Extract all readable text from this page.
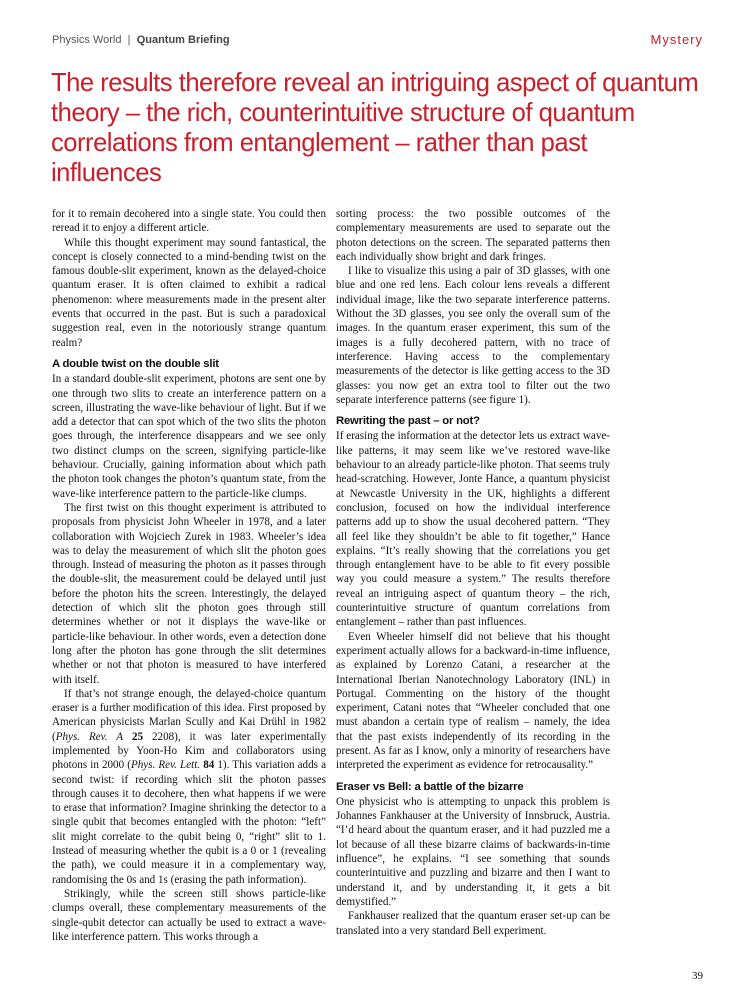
Physics World | Quantum Briefing	Mystery
The results therefore reveal an intriguing aspect of quantum theory – the rich, counterintuitive structure of quantum correlations from entanglement – rather than past influences

for it to remain decohered into a single state. You could then reread it to enjoy a different article.

While this thought experiment may sound fantastical, the concept is closely connected to a mind-bending twist on the famous double-slit experiment, known as the delayed-choice quantum eraser. It is often claimed to exhibit a radical phenomenon: where measurements made in the present alter events that occurred in the past. But is such a paradoxical suggestion real, even in the notoriously strange quantum realm?

A double twist on the double slit

In a standard double-slit experiment, photons are sent one by one through two slits to create an interference pattern on a screen, illustrating the wave-like behaviour of light. But if we add a detector that can spot which of the two slits the photon goes through, the interference disappears and we see only two distinct clumps on the screen, signifying particle-like behaviour. Crucially, gaining information about which path the photon took changes the photon’s quantum state, from the wave-like interference pattern to the particle-like clumps.

The first twist on this thought experiment is attributed to proposals from physicist John Wheeler in 1978, and a later collaboration with Wojciech Zurek in 1983. Wheeler’s idea was to delay the measurement of which slit the photon goes through. Instead of measuring the photon as it passes through the double-slit, the measurement could be delayed until just before the photon hits the screen. Interestingly, the delayed detection of which slit the photon goes through still determines whether or not it displays the wave-like or particle-like behaviour. In other words, even a detection done long after the photon has gone through the slit determines whether or not that photon is measured to have interfered with itself.

If that’s not strange enough, the delayed-choice quantum eraser is a further modification of this idea. First proposed by American physicists Marlan Scully and Kai Drühl in 1982 (Phys. Rev. A 25 2208), it was later experimentally implemented by Yoon-Ho Kim and collaborators using photons in 2000 (Phys. Rev. Lett. 84 1). This variation adds a second twist: if recording which slit the photon passes through causes it to decohere, then what happens if we were to erase that information? Imagine shrinking the detector to a single qubit that becomes entangled with the photon: “left” slit might correlate to the qubit being 0, “right” slit to 1. Instead of measuring whether the qubit is a 0 or 1 (revealing the path), we could measure it in a complementary way, randomising the 0s and 1s (erasing the path information).

Strikingly, while the screen still shows particle-like clumps overall, these complementary measurements of the single-qubit detector can actually be used to extract a wave-like interference pattern. This works through a

sorting process: the two possible outcomes of the complementary measurements are used to separate out the photon detections on the screen. The separated patterns then each individually show bright and dark fringes.

I like to visualize this using a pair of 3D glasses, with one blue and one red lens. Each colour lens reveals a different individual image, like the two separate interference patterns. Without the 3D glasses, you see only the overall sum of the images. In the quantum eraser experiment, this sum of the images is a fully decohered pattern, with no trace of interference. Having access to the complementary measurements of the detector is like getting access to the 3D glasses: you now get an extra tool to filter out the two separate interference patterns (see figure 1).

Rewriting the past – or not?

If erasing the information at the detector lets us extract wave-like patterns, it may seem like we’ve restored wave-like behaviour to an already particle-like photon. That seems truly head-scratching. However, Jonte Hance, a quantum physicist at Newcastle University in the UK, highlights a different conclusion, focused on how the individual interference patterns add up to show the usual decohered pattern. “They all feel like they shouldn’t be able to fit together,” Hance explains. “It’s really showing that the correlations you get through entanglement have to be able to fit every possible way you could measure a system.” The results therefore reveal an intriguing aspect of quantum theory – the rich, counterintuitive structure of quantum correlations from entanglement – rather than past influences.

Even Wheeler himself did not believe that his thought experiment actually allows for a backward-in-time influence, as explained by Lorenzo Catani, a researcher at the International Iberian Nanotechnology Laboratory (INL) in Portugal. Commenting on the history of the thought experiment, Catani notes that “Wheeler concluded that one must abandon a certain type of realism – namely, the idea that the past exists independently of its recording in the present. As far as I know, only a minority of researchers have interpreted the experiment as evidence for retrocausality.”

Eraser vs Bell: a battle of the bizarre

One physicist who is attempting to unpack this problem is Johannes Fankhauser at the University of Innsbruck, Austria. “I’d heard about the quantum eraser, and it had puzzled me a lot because of all these bizarre claims of backwards-in-time influence”, he explains. “I see something that sounds counterintuitive and puzzling and bizarre and then I want to understand it, and by understanding it, it gets a bit demystified.”

Fankhauser realized that the quantum eraser set-up can be translated into a very standard Bell experiment.

39
